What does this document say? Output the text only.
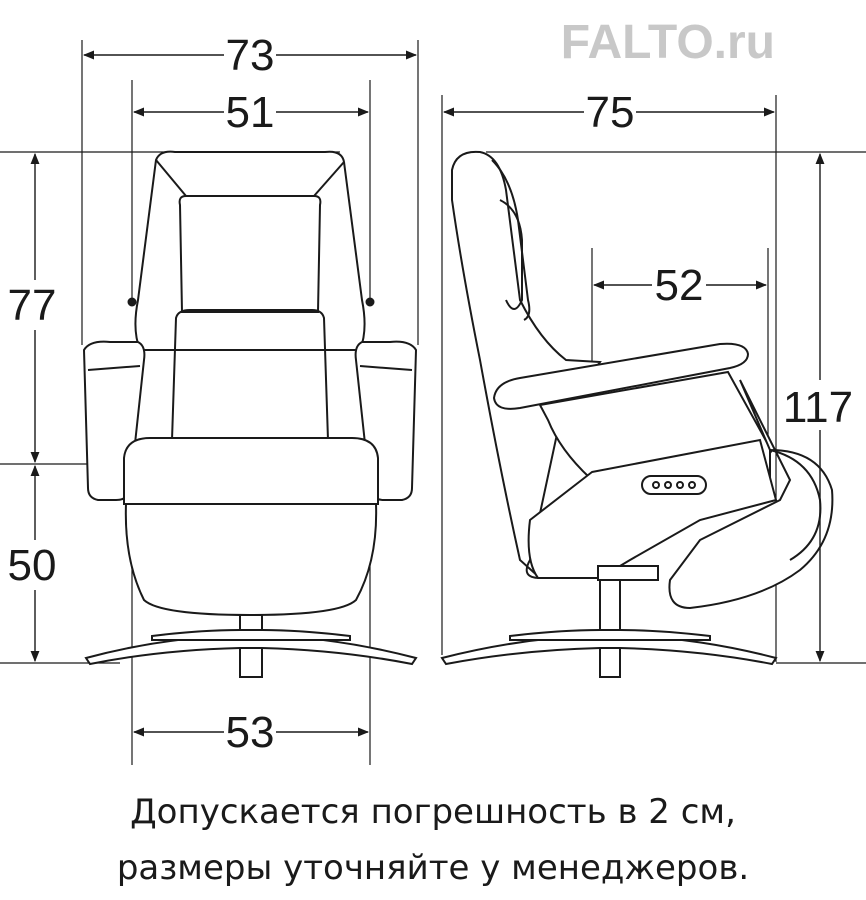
FALTO.ru
73
51
77
50
53
75
52
117
Допускается погрешность в 2 см,
размеры уточняйте у менеджеров.
